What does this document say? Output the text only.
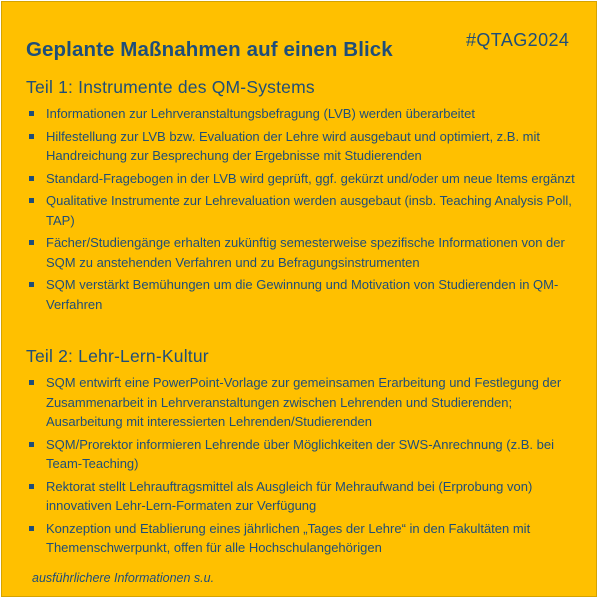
Geplante Maßnahmen auf einen Blick	#QTAG2024
Teil 1: Instrumente des QM-Systems
Informationen zur Lehrveranstaltungsbefragung (LVB) werden überarbeitet
Hilfestellung zur LVB bzw. Evaluation der Lehre wird ausgebaut und optimiert, z.B. mit Handreichung zur Besprechung der Ergebnisse mit Studierenden
Standard-Fragebogen in der LVB wird geprüft, ggf. gekürzt und/oder um neue Items ergänzt
Qualitative Instrumente zur Lehrevaluation werden ausgebaut (insb. Teaching Analysis Poll, TAP)
Fächer/Studiengänge erhalten zukünftig semesterweise spezifische Informationen von der SQM zu anstehenden Verfahren und zu Befragungsinstrumenten
SQM verstärkt Bemühungen um die Gewinnung und Motivation von Studierenden in QM-Verfahren
Teil 2: Lehr-Lern-Kultur
SQM entwirft eine PowerPoint-Vorlage zur gemeinsamen Erarbeitung und Festlegung der Zusammenarbeit in Lehrveranstaltungen zwischen Lehrenden und Studierenden; Ausarbeitung mit interessierten Lehrenden/Studierenden
SQM/Prorektor informieren Lehrende über Möglichkeiten der SWS-Anrechnung (z.B. bei Team-Teaching)
Rektorat stellt Lehrauftragsmittel als Ausgleich für Mehraufwand bei (Erprobung von) innovativen Lehr-Lern-Formaten zur Verfügung
Konzeption und Etablierung eines jährlichen „Tages der Lehre“ in den Fakultäten mit Themenschwerpunkt, offen für alle Hochschulangehörigen
ausführlichere Informationen s.u.
